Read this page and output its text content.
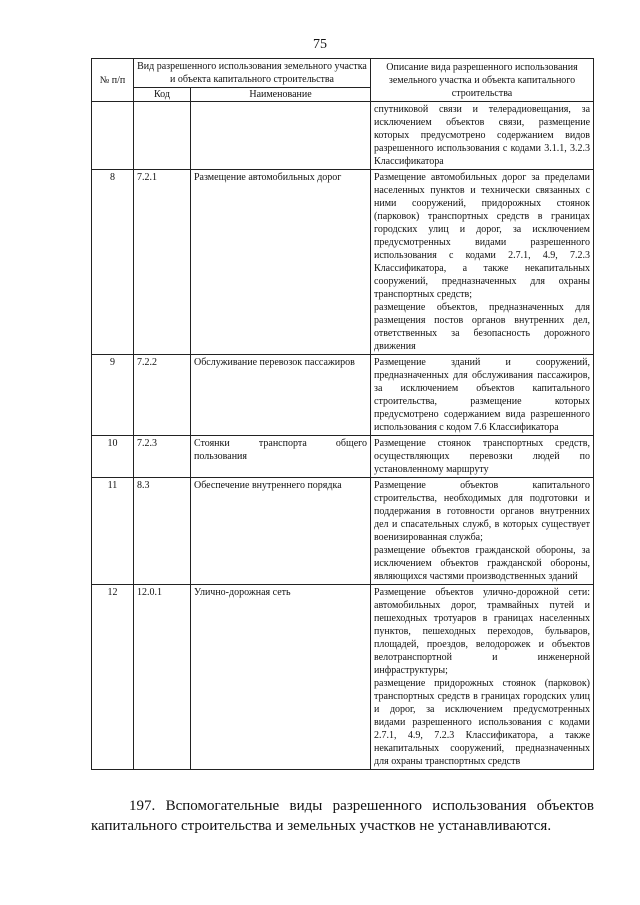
75
№ п/п	Вид разрешенного использования земельного участка и объекта капитального строительства		Описание вида разрешенного использования земельного участка и объекта капитального строительства
	Код	Наименование	
			спутниковой связи и телерадиовещания, за исключением объектов связи, размещение которых предусмотрено содержанием видов разрешенного использования с кодами 3.1.1, 3.2.3 Классификатора
8	7.2.1	Размещение автомобильных дорог	Размещение автомобильных дорог за пределами населенных пунктов и технически связанных с ними сооружений, придорожных стоянок (парковок) транспортных средств в границах городских улиц и дорог, за исключением предусмотренных видами разрешенного использования с кодами 2.7.1, 4.9, 7.2.3 Классификатора, а также некапитальных сооружений, предназначенных для охраны транспортных средств;
размещение объектов, предназначенных для размещения постов органов внутренних дел, ответственных за безопасность дорожного движения
9	7.2.2	Обслуживание перевозок пассажиров	Размещение зданий и сооружений, предназначенных для обслуживания пассажиров, за исключением объектов капитального строительства, размещение которых предусмотрено содержанием вида разрешенного использования с кодом 7.6 Классификатора
10	7.2.3	Стоянки транспорта общего пользования	Размещение стоянок транспортных средств, осуществляющих перевозки людей по установленному маршруту
11	8.3	Обеспечение внутреннего порядка	Размещение объектов капитального строительства, необходимых для подготовки и поддержания в готовности органов внутренних дел и спасательных служб, в которых существует военизированная служба;
размещение объектов гражданской обороны, за исключением объектов гражданской обороны, являющихся частями производственных зданий
12	12.0.1	Улично-дорожная сеть	Размещение объектов улично-дорожной сети: автомобильных дорог, трамвайных путей и пешеходных тротуаров в границах населенных пунктов, пешеходных переходов, бульваров, площадей, проездов, велодорожек и объектов велотранспортной и инженерной инфраструктуры;
размещение придорожных стоянок (парковок) транспортных средств в границах городских улиц и дорог, за исключением предусмотренных видами разрешенного использования с кодами 2.7.1, 4.9, 7.2.3 Классификатора, а также некапитальных сооружений, предназначенных для охраны транспортных средств

197. Вспомогательные виды разрешенного использования объектов капитального строительства и земельных участков не устанавливаются.
